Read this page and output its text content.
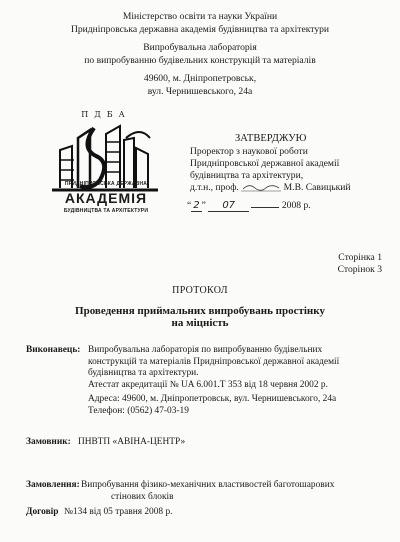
Міністерство освіти та науки України
Придніпровська державна академія будівництва та архітектури
Випробувальна лабораторія
по випробуванню будівельних конструкцій та матеріалів
49600, м. Дніпропетровськ,
вул. Чернишевського, 24а
ПДБА
ПРИДНІПРОВСЬКА ДЕРЖАВНА
АКАДЕМІЯ
БУДІВНИЦТВА ТА АРХІТЕКТУРИ
ЗАТВЕРДЖУЮ
Проректор з наукової роботи
Придніпровської державної академії
будівництва та архітектури,
д.т.н., проф.	М.В. Савицький
“ 2 ” 07	2008 р.
Сторінка 1
Сторінок 3
ПРОТОКОЛ
Проведення приймальних випробувань простінку
на міцність
Виконавець: Випробувальна лабораторія по випробуванню будівельних
конструкцій та матеріалів Придніпровської державної академії
будівництва та архітектури.
Атестат акредитації № UA 6.001.Т 353 від 18 червня 2002 р.
Адреса: 49600, м. Дніпропетровськ, вул. Чернишевського, 24а
Телефон: (0562) 47-03-19
Замовник: ПНВТП «АВІНА-ЦЕНТР»
Замовлення: Випробування фізико-механічних властивостей баготошарових
стінових блоків
Договір №134 від 05 травня 2008 р.
